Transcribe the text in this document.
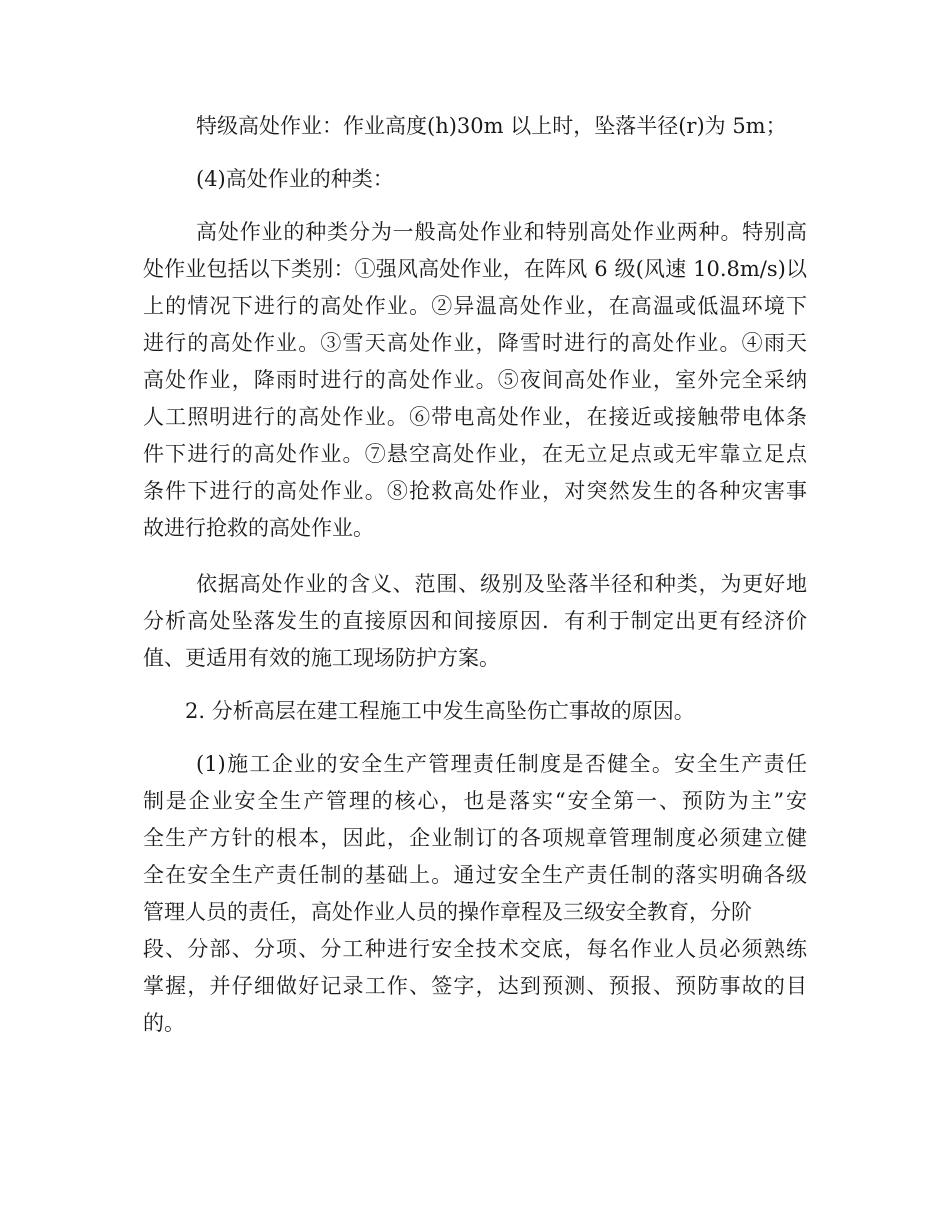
特级高处作业：作业高度(h)30m 以上时，坠落半径(r)为 5m；
(4)高处作业的种类：
高处作业的种类分为一般高处作业和特别高处作业两种。特别高
处作业包括以下类别：①强风高处作业，在阵风 6 级(风速 10.8m/s)以
上的情况下进行的高处作业。②异温高处作业，在高温或低温环境下
进行的高处作业。③雪天高处作业，降雪时进行的高处作业。④雨天
高处作业，降雨时进行的高处作业。⑤夜间高处作业，室外完全采纳
人工照明进行的高处作业。⑥带电高处作业，在接近或接触带电体条
件下进行的高处作业。⑦悬空高处作业，在无立足点或无牢靠立足点
条件下进行的高处作业。⑧抢救高处作业，对突然发生的各种灾害事
故进行抢救的高处作业。
依据高处作业的含义、范围、级别及坠落半径和种类，为更好地
分析高处坠落发生的直接原因和间接原因．有利于制定出更有经济价
值、更适用有效的施工现场防护方案。
2. 分析高层在建工程施工中发生高坠伤亡事故的原因。
(1)施工企业的安全生产管理责任制度是否健全。安全生产责任
制是企业安全生产管理的核心，也是落实“安全第一、预防为主”安
全生产方针的根本，因此，企业制订的各项规章管理制度必须建立健
全在安全生产责任制的基础上。通过安全生产责任制的落实明确各级
管理人员的责任，高处作业人员的操作章程及三级安全教育，分阶
段、分部、分项、分工种进行安全技术交底，每名作业人员必须熟练
掌握，并仔细做好记录工作、签字，达到预测、预报、预防事故的目
的。
